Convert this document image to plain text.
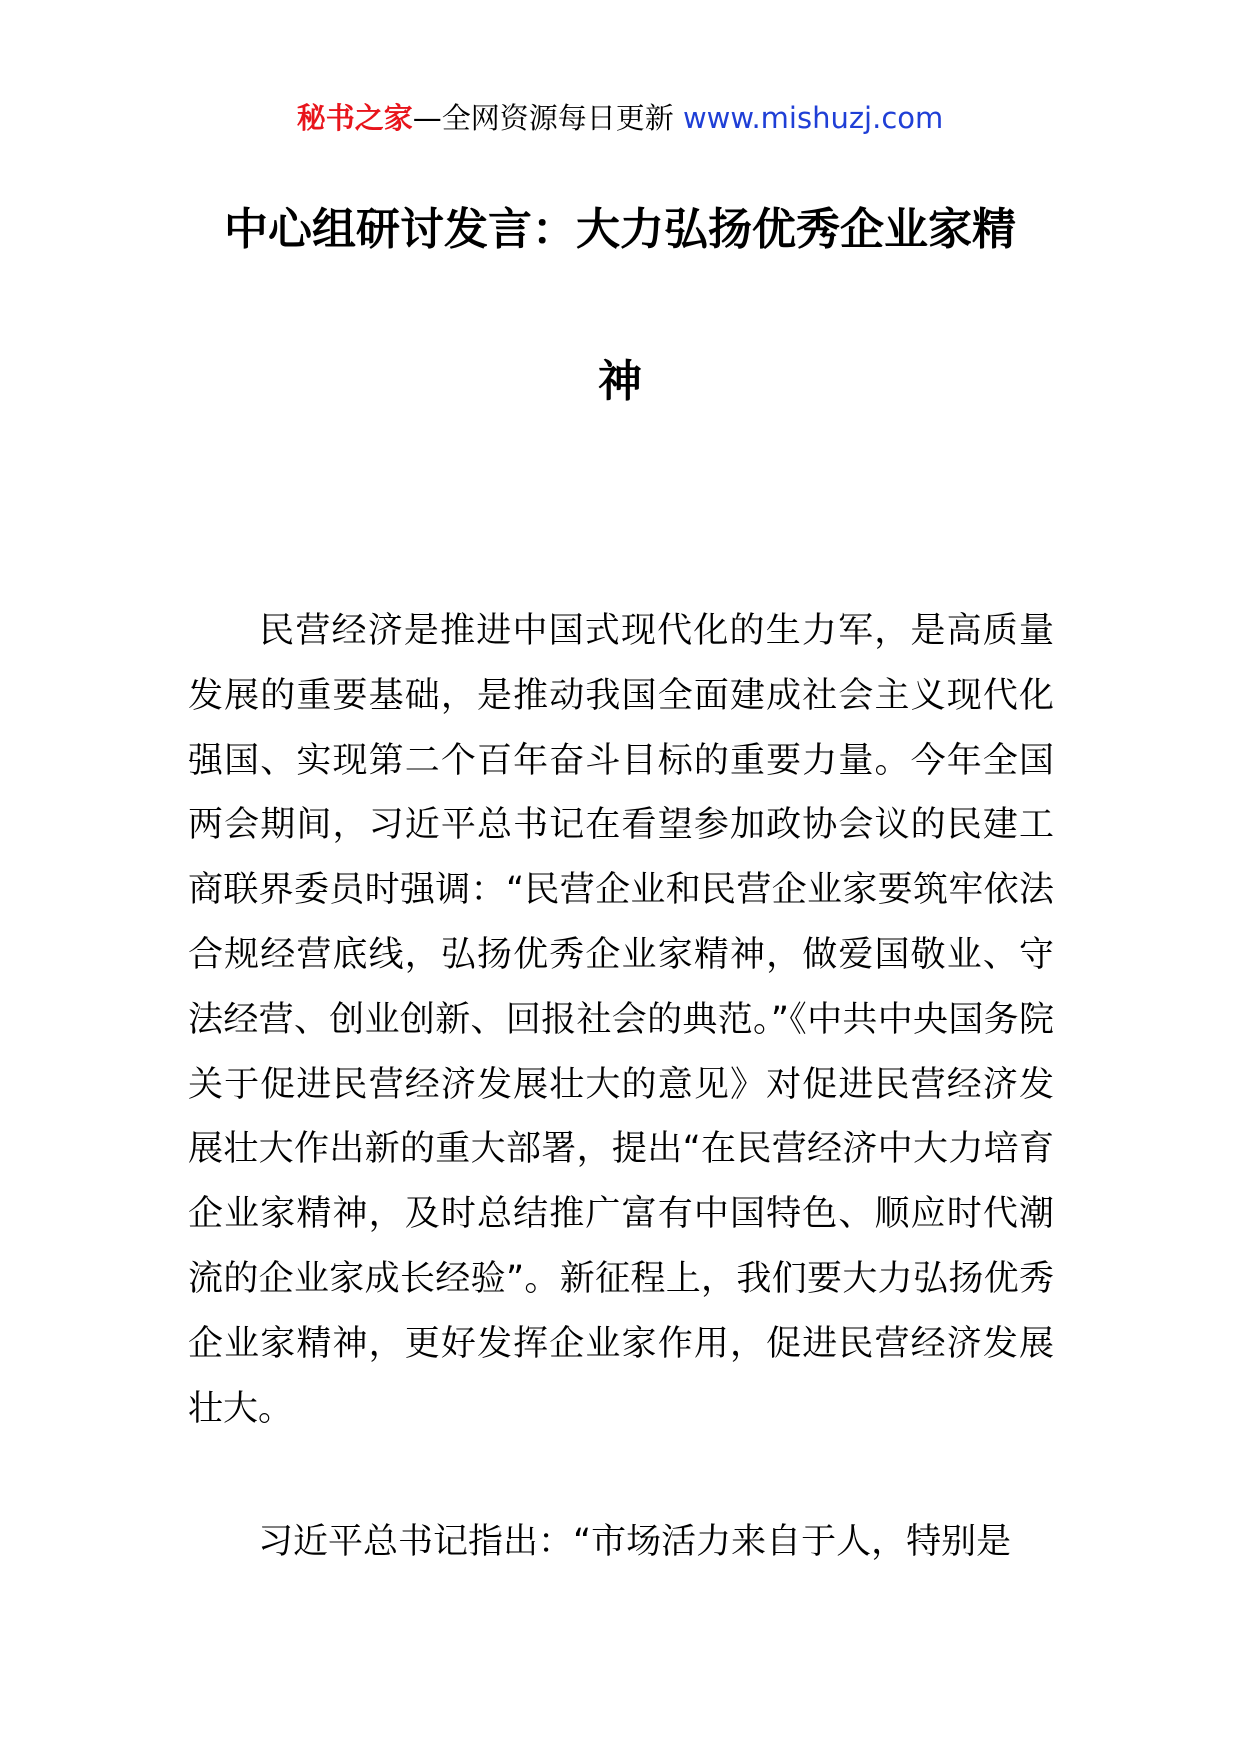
秘书之家—全网资源每日更新 www.mishuzj.com
中心组研讨发言：大力弘扬优秀企业家精
神

民营经济是推进中国式现代化的生力军，是高质量发展的重要基础，是推动我国全面建成社会主义现代化强国、实现第二个百年奋斗目标的重要力量。今年全国两会期间，习近平总书记在看望参加政协会议的民建工商联界委员时强调：“民营企业和民营企业家要筑牢依法合规经营底线，弘扬优秀企业家精神，做爱国敬业、守法经营、创业创新、回报社会的典范。”《中共中央国务院关于促进民营经济发展壮大的意见》对促进民营经济发展壮大作出新的重大部署，提出“在民营经济中大力培育企业家精神，及时总结推广富有中国特色、顺应时代潮流的企业家成长经验”。新征程上，我们要大力弘扬优秀企业家精神，更好发挥企业家作用，促进民营经济发展壮大。

习近平总书记指出：“市场活力来自于人，特别是
